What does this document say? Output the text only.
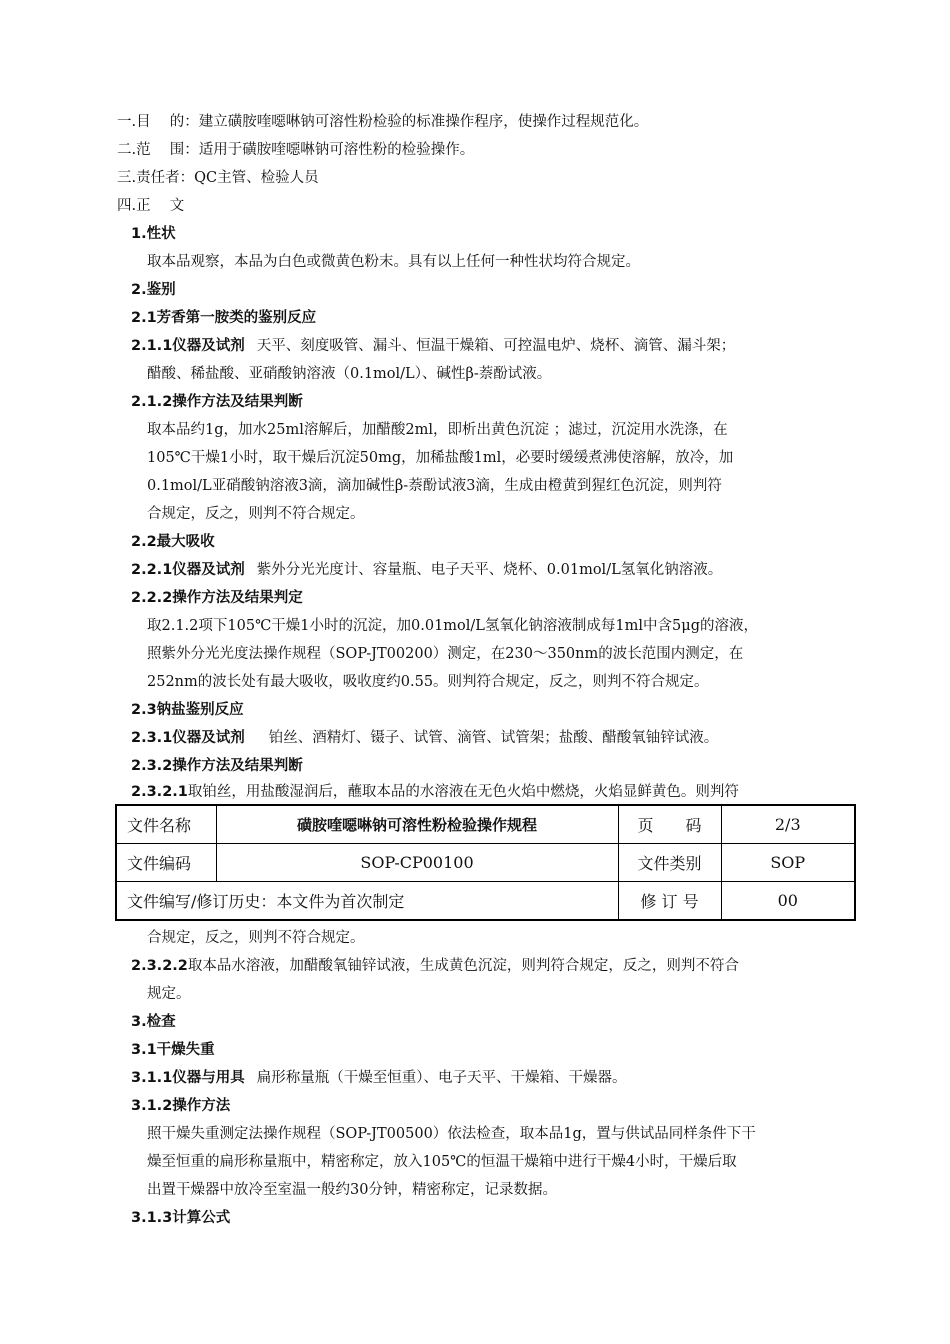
一.目　 的：建立磺胺喹噁啉钠可溶性粉检验的标准操作程序，使操作过程规范化。
二.范　 围：适用于磺胺喹噁啉钠可溶性粉的检验操作。
三.责任者：QC主管、检验人员
四.正　 文
1.性状
取本品观察，本品为白色或微黄色粉末。具有以上任何一种性状均符合规定。
2.鉴别
2.1芳香第一胺类的鉴别反应
2.1.1仪器及试剂 天平、刻度吸管、漏斗、恒温干燥箱、可控温电炉、烧杯、滴管、漏斗架；
醋酸、稀盐酸、亚硝酸钠溶液（0.1mol/L）、碱性β-萘酚试液。
2.1.2操作方法及结果判断
取本品约1g，加水25ml溶解后，加醋酸2ml，即析出黄色沉淀 ；滤过，沉淀用水洗涤，在
105℃干燥1小时，取干燥后沉淀50mg，加稀盐酸1ml，必要时缓缓煮沸使溶解，放冷，加
0.1mol/L亚硝酸钠溶液3滴，滴加碱性β-萘酚试液3滴，生成由橙黄到猩红色沉淀，则判符
合规定，反之，则判不符合规定。
2.2最大吸收
2.2.1仪器及试剂 紫外分光光度计、容量瓶、电子天平、烧杯、0.01mol/L氢氧化钠溶液。
2.2.2操作方法及结果判定
取2.1.2项下105℃干燥1小时的沉淀，加0.01mol/L氢氧化钠溶液制成每1ml中含5μg的溶液，
照紫外分光光度法操作规程（SOP-JT00200）测定，在230～350nm的波长范围内测定，在
252nm的波长处有最大吸收，吸收度约0.55。则判符合规定，反之，则判不符合规定。
2.3钠盐鉴别反应
2.3.1仪器及试剂 铂丝、酒精灯、镊子、试管、滴管、试管架；盐酸、醋酸氧铀锌试液。
2.3.2操作方法及结果判断
2.3.2.1取铂丝，用盐酸湿润后，蘸取本品的水溶液在无色火焰中燃烧，火焰显鲜黄色。则判符
文件名称	磺胺喹噁啉钠可溶性粉检验操作规程	页　　码	2/3
文件编码	SOP-CP00100	文件类别	SOP
文件编写/修订历史：本文件为首次制定		修 订 号	00
合规定，反之，则判不符合规定。
2.3.2.2取本品水溶液，加醋酸氧铀锌试液，生成黄色沉淀，则判符合规定，反之，则判不符合
规定。
3.检查
3.1干燥失重
3.1.1仪器与用具 扁形称量瓶（干燥至恒重）、电子天平、干燥箱、干燥器。
3.1.2操作方法
照干燥失重测定法操作规程（SOP-JT00500）依法检查，取本品1g，置与供试品同样条件下干
燥至恒重的扁形称量瓶中，精密称定，放入105℃的恒温干燥箱中进行干燥4小时，干燥后取
出置干燥器中放冷至室温一般约30分钟，精密称定，记录数据。
3.1.3计算公式
